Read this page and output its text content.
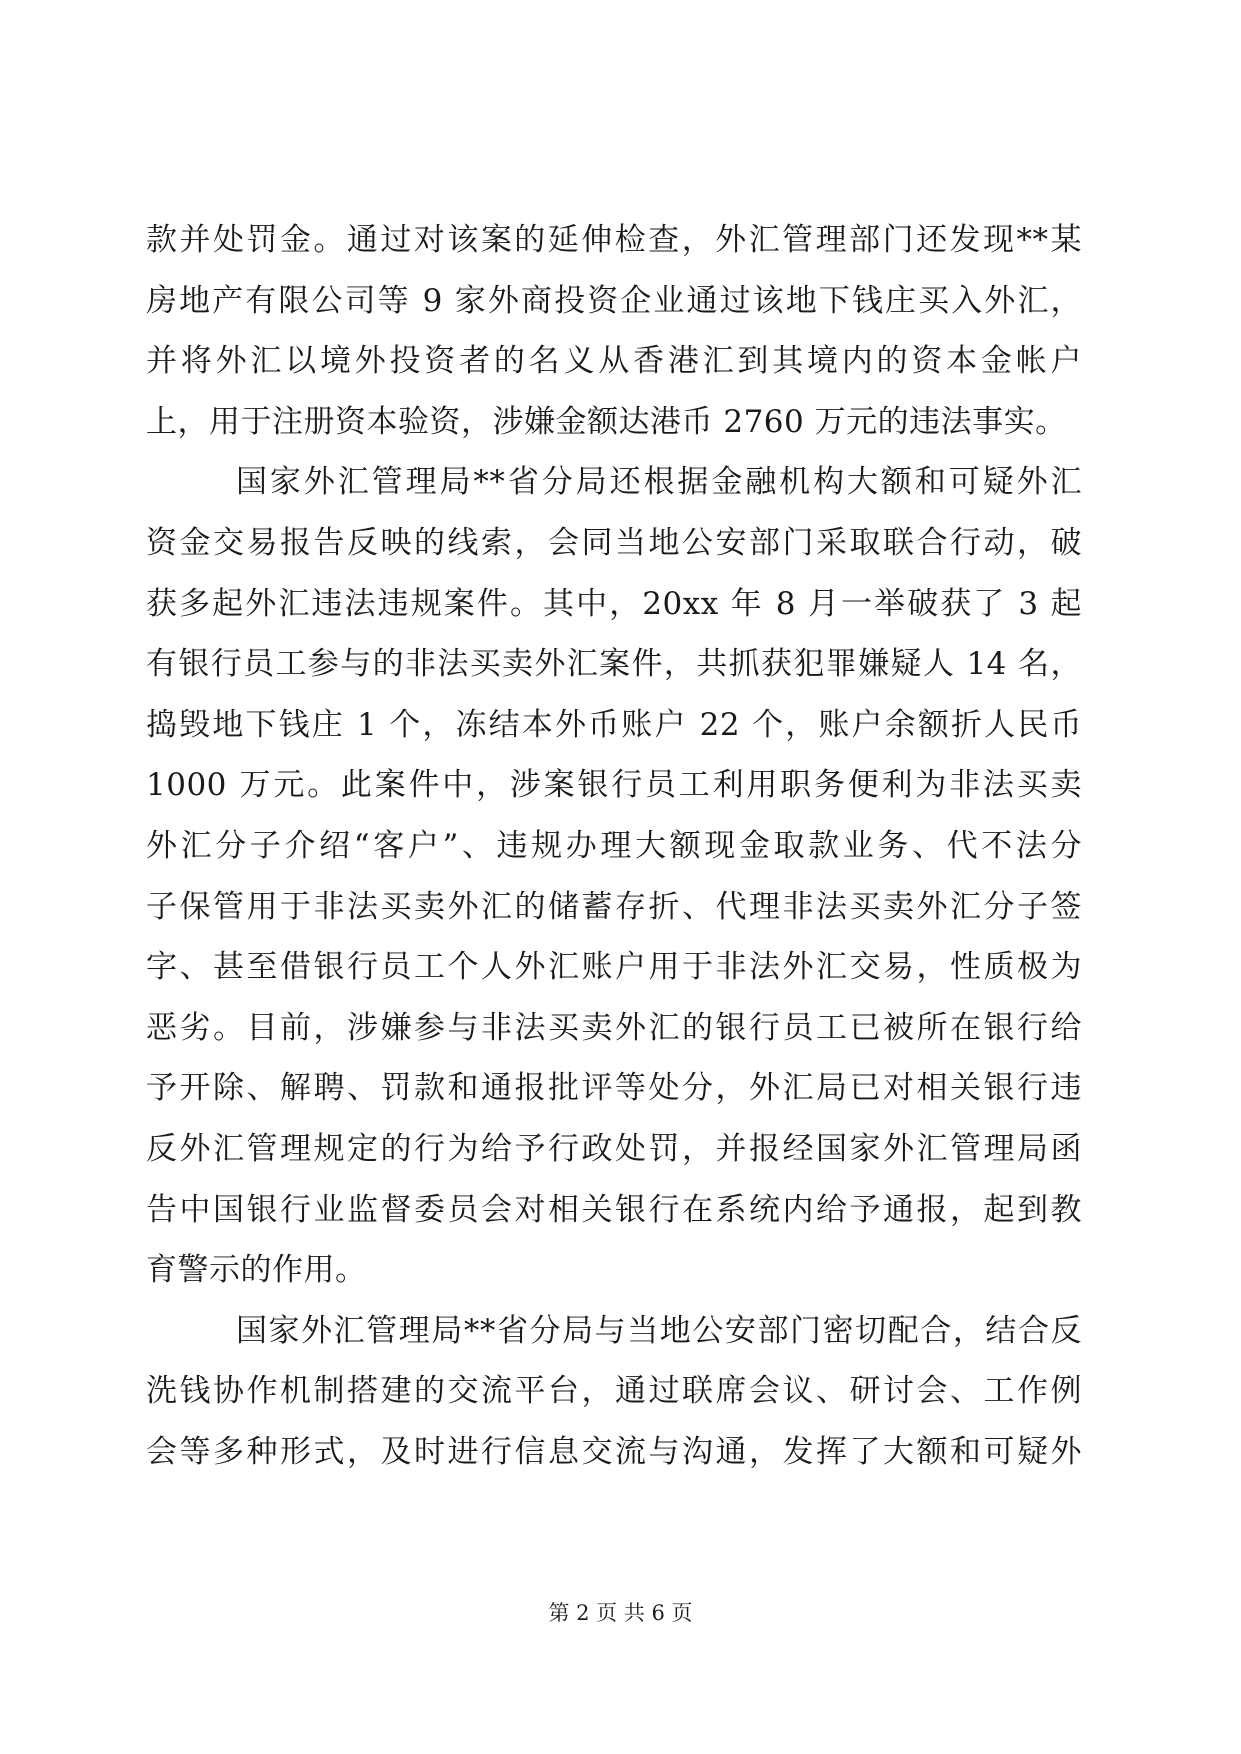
款并处罚金。通过对该案的延伸检查，外汇管理部门还发现**某
房地产有限公司等 9 家外商投资企业通过该地下钱庄买入外汇，
并将外汇以境外投资者的名义从香港汇到其境内的资本金帐户
上，用于注册资本验资，涉嫌金额达港币 2760 万元的违法事实。
国家外汇管理局**省分局还根据金融机构大额和可疑外汇
资金交易报告反映的线索，会同当地公安部门采取联合行动，破
获多起外汇违法违规案件。其中，20xx 年 8 月一举破获了 3 起
有银行员工参与的非法买卖外汇案件，共抓获犯罪嫌疑人 14 名，
捣毁地下钱庄 1 个，冻结本外币账户 22 个，账户余额折人民币
1000 万元。此案件中，涉案银行员工利用职务便利为非法买卖
外汇分子介绍“客户”、违规办理大额现金取款业务、代不法分
子保管用于非法买卖外汇的储蓄存折、代理非法买卖外汇分子签
字、甚至借银行员工个人外汇账户用于非法外汇交易，性质极为
恶劣。目前，涉嫌参与非法买卖外汇的银行员工已被所在银行给
予开除、解聘、罚款和通报批评等处分，外汇局已对相关银行违
反外汇管理规定的行为给予行政处罚，并报经国家外汇管理局函
告中国银行业监督委员会对相关银行在系统内给予通报，起到教
育警示的作用。
国家外汇管理局**省分局与当地公安部门密切配合，结合反
洗钱协作机制搭建的交流平台，通过联席会议、研讨会、工作例
会等多种形式，及时进行信息交流与沟通，发挥了大额和可疑外
第 2 页 共 6 页
